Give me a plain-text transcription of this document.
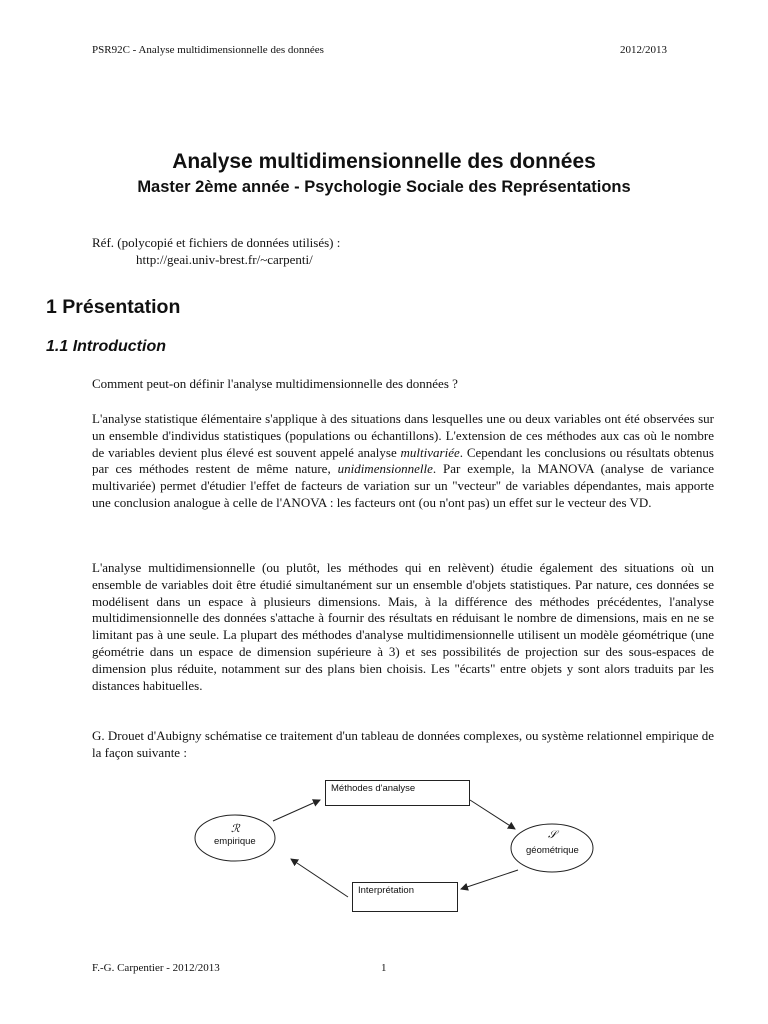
PSR92C - Analyse multidimensionnelle des données	2012/2013
Analyse multidimensionnelle des données
Master 2ème année - Psychologie Sociale des Représentations
Réf. (polycopié et fichiers de données utilisés) :
http://geai.univ-brest.fr/~carpenti/
1 Présentation
1.1 Introduction

Comment peut-on définir l'analyse multidimensionnelle des données ?

L'analyse statistique élémentaire s'applique à des situations dans lesquelles une ou deux variables ont été observées sur un ensemble d'individus statistiques (populations ou échantillons). L'extension de ces méthodes aux cas où le nombre de variables devient plus élevé est souvent appelé analyse multivariée. Cependant les conclusions ou résultats obtenus par ces méthodes restent de même nature, unidimensionnelle. Par exemple, la MANOVA (analyse de variance multivariée) permet d'étudier l'effet de facteurs de variation sur un "vecteur" de variables dépendantes, mais apporte une conclusion analogue à celle de l'ANOVA : les facteurs ont (ou n'ont pas) un effet sur le vecteur des VD.

L'analyse multidimensionnelle (ou plutôt, les méthodes qui en relèvent) étudie également des situations où un ensemble de variables doit être étudié simultanément sur un ensemble d'objets statistiques. Par nature, ces données se modélisent dans un espace à plusieurs dimensions. Mais, à la différence des méthodes précédentes, l'analyse multidimensionnelle des données s'attache à fournir des résultats en réduisant le nombre de dimensions, mais en ne se limitant pas à une seule. La plupart des méthodes d'analyse multidimensionnelle utilisent un modèle géométrique (une géométrie dans un espace de dimension supérieure à 3) et ses possibilités de projection sur des sous-espaces de dimension plus réduite, notamment sur des plans bien choisis. Les "écarts" entre objets y sont alors traduits par les distances habituelles.

G. Drouet d'Aubigny schématise ce traitement d'un tableau de données complexes, ou système relationnel empirique de la façon suivante :

Méthodes d'analyse
Interprétation
ℛ
empirique
𝒮
géométrique
F.-G. Carpentier - 2012/2013	1
